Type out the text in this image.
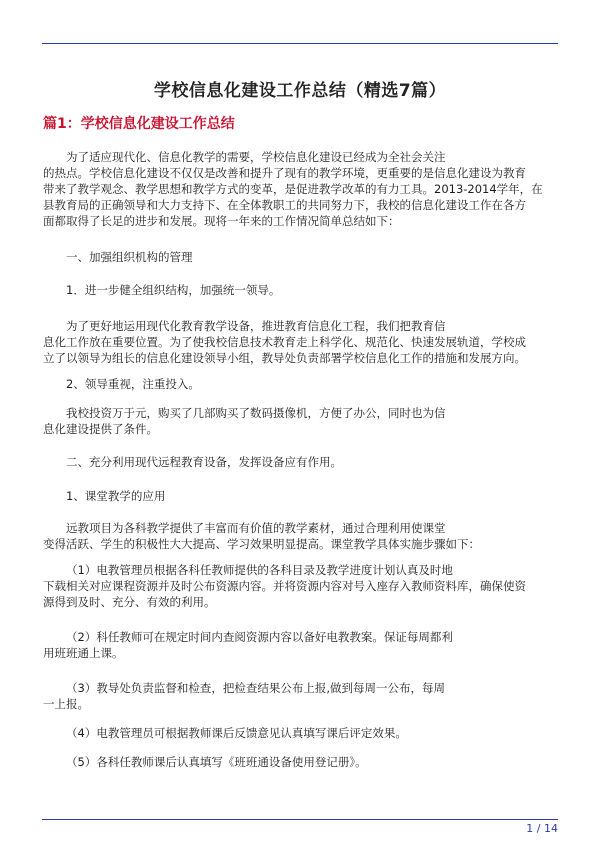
学校信息化建设工作总结（精选7篇）
篇1：学校信息化建设工作总结
为了适应现代化、信息化教学的需要，学校信息化建设已经成为全社会关注
的热点。学校信息化建设不仅仅是改善和提升了现有的教学环境，更重要的是信息化建设为教育
带来了教学观念、教学思想和教学方式的变革，是促进教学改革的有力工具。2013-2014学年，在
县教育局的正确领导和大力支持下、在全体教职工的共同努力下，我校的信息化建设工作在各方
面都取得了长足的进步和发展。现将一年来的工作情况简单总结如下：
一、加强组织机构的管理
1．进一步健全组织结构，加强统一领导。
为了更好地运用现代化教育教学设备，推进教育信息化工程，我们把教育信
息化工作放在重要位置。为了使我校信息技术教育走上科学化、规范化、快速发展轨道，学校成
立了以领导为组长的信息化建设领导小组，教导处负责部署学校信息化工作的措施和发展方向。
2、领导重视，注重投入。
我校投资万于元，购买了几部购买了数码摄像机，方便了办公，同时也为信
息化建设提供了条件。
二、充分利用现代远程教育设备，发挥设备应有作用。
1、课堂教学的应用
远教项目为各科教学提供了丰富而有价值的教学素材，通过合理利用使课堂
变得活跃、学生的积极性大大提高、学习效果明显提高。课堂教学具体实施步骤如下：
（1）电教管理员根据各科任教师提供的各科目录及教学进度计划认真及时地
下载相关对应课程资源并及时公布资源内容。并将资源内容对号入座存入教师资料库，确保使资
源得到及时、充分、有效的利用。
（2）科任教师可在规定时间内查阅资源内容以备好电教教案。保证每周都利
用班班通上课。
（3）教导处负责监督和检查，把检查结果公布上报,做到每周一公布，每周
一上报。
（4）电教管理员可根据教师课后反馈意见认真填写课后评定效果。
（5）各科任教师课后认真填写《班班通设备使用登记册》。
1 / 14
